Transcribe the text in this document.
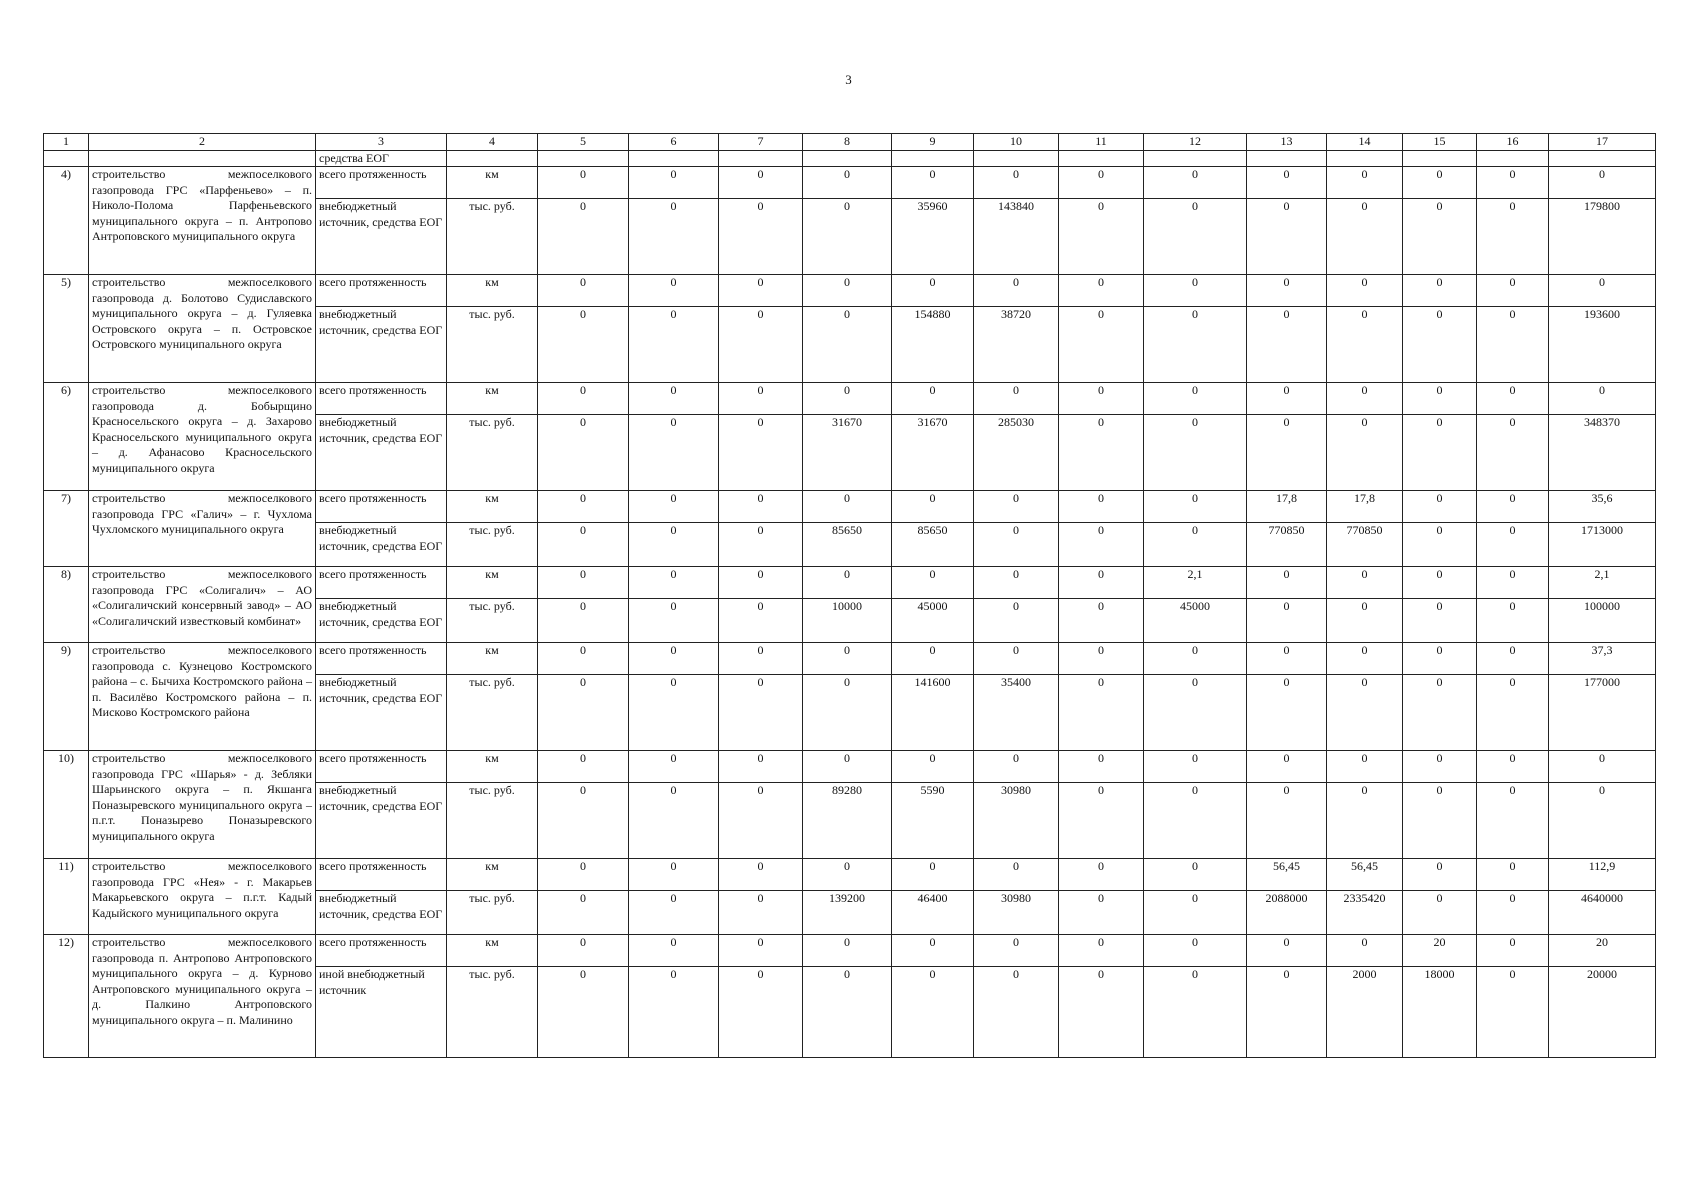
3
1	2	3	4	5	6	7	8	9	10	11	12	13	14	15	16	17
		средства ЕОГ														
4)	строительство межпоселкового газопровода ГРС «Парфеньево» – п. Николо-Полома Парфеньевского муниципального округа – п. Антропово Антроповского муниципального округа	всего протяженность	км	0	0	0	0	0	0	0	0	0	0	0	0	0
		внебюджетный источник, средства ЕОГ	тыс. руб.	0	0	0	0	35960	143840	0	0	0	0	0	0	179800
5)	строительство межпоселкового газопровода д. Болотово Судиславского муниципального округа – д. Гуляевка Островского округа – п. Островское Островского муниципального округа	всего протяженность	км	0	0	0	0	0	0	0	0	0	0	0	0	0
		внебюджетный источник, средства ЕОГ	тыс. руб.	0	0	0	0	154880	38720	0	0	0	0	0	0	193600
6)	строительство межпоселкового газопровода д. Бобырщино Красносельского округа – д. Захарово Красносельского муниципального округа – д. Афанасово Красносельского муниципального округа	всего протяженность	км	0	0	0	0	0	0	0	0	0	0	0	0	0
		внебюджетный источник, средства ЕОГ	тыс. руб.	0	0	0	31670	31670	285030	0	0	0	0	0	0	348370
7)	строительство межпоселкового газопровода ГРС «Галич» – г. Чухлома Чухломского муниципального округа	всего протяженность	км	0	0	0	0	0	0	0	0	17,8	17,8	0	0	35,6
		внебюджетный источник, средства ЕОГ	тыс. руб.	0	0	0	85650	85650	0	0	0	770850	770850	0	0	1713000
8)	строительство межпоселкового газопровода ГРС «Солигалич» – АО «Солигаличский консервный завод» – АО «Солигаличский известковый комбинат»	всего протяженность	км	0	0	0	0	0	0	0	2,1	0	0	0	0	2,1
		внебюджетный источник, средства ЕОГ	тыс. руб.	0	0	0	10000	45000	0	0	45000	0	0	0	0	100000
9)	строительство межпоселкового газопровода с. Кузнецово Костромского района – с. Бычиха Костромского района – п. Василёво Костромского района – п. Мисково Костромского района	всего протяженность	км	0	0	0	0	0	0	0	0	0	0	0	0	37,3
		внебюджетный источник, средства ЕОГ	тыс. руб.	0	0	0	0	141600	35400	0	0	0	0	0	0	177000
10)	строительство межпоселкового газопровода ГРС «Шарья» - д. Зебляки Шарьинского округа – п. Якшанга Поназыревского муниципального округа – п.г.т. Поназырево Поназыревского муниципального округа	всего протяженность	км	0	0	0	0	0	0	0	0	0	0	0	0	0
		внебюджетный источник, средства ЕОГ	тыс. руб.	0	0	0	89280	5590	30980	0	0	0	0	0	0	0
11)	строительство межпоселкового газопровода ГРС «Нея» - г. Макарьев Макарьевского округа – п.г.т. Кадый Кадыйского муниципального округа	всего протяженность	км	0	0	0	0	0	0	0	0	56,45	56,45	0	0	112,9
		внебюджетный источник, средства ЕОГ	тыс. руб.	0	0	0	139200	46400	30980	0	0	2088000	2335420	0	0	4640000
12)	строительство межпоселкового газопровода п. Антропово Антроповского муниципального округа – д. Курново Антроповского муниципального округа – д. Палкино Антроповского муниципального округа – п. Малинино	всего протяженность	км	0	0	0	0	0	0	0	0	0	0	20	0	20
		иной внебюджетный источник	тыс. руб.	0	0	0	0	0	0	0	0	0	2000	18000	0	20000
